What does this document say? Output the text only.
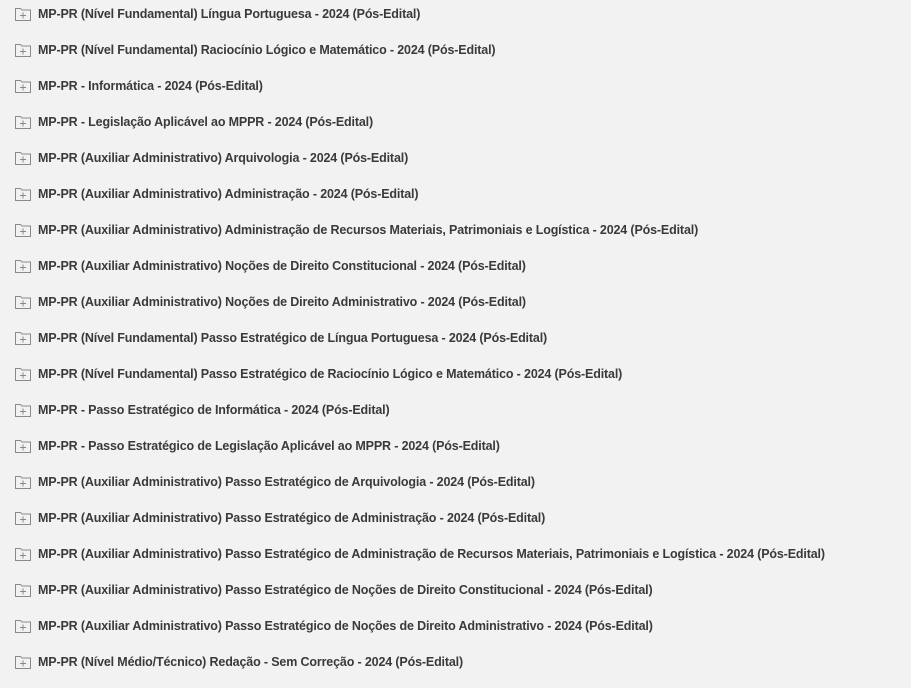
MP-PR (Nível Fundamental) Língua Portuguesa - 2024 (Pós-Edital)
MP-PR (Nível Fundamental) Raciocínio Lógico e Matemático - 2024 (Pós-Edital)
MP-PR - Informática - 2024 (Pós-Edital)
MP-PR - Legislação Aplicável ao MPPR - 2024 (Pós-Edital)
MP-PR (Auxiliar Administrativo) Arquivologia - 2024 (Pós-Edital)
MP-PR (Auxiliar Administrativo) Administração - 2024 (Pós-Edital)
MP-PR (Auxiliar Administrativo) Administração de Recursos Materiais, Patrimoniais e Logística - 2024 (Pós-Edital)
MP-PR (Auxiliar Administrativo) Noções de Direito Constitucional - 2024 (Pós-Edital)
MP-PR (Auxiliar Administrativo) Noções de Direito Administrativo - 2024 (Pós-Edital)
MP-PR (Nível Fundamental) Passo Estratégico de Língua Portuguesa - 2024 (Pós-Edital)
MP-PR (Nível Fundamental) Passo Estratégico de Raciocínio Lógico e Matemático - 2024 (Pós-Edital)
MP-PR - Passo Estratégico de Informática - 2024 (Pós-Edital)
MP-PR - Passo Estratégico de Legislação Aplicável ao MPPR - 2024 (Pós-Edital)
MP-PR (Auxiliar Administrativo) Passo Estratégico de Arquivologia - 2024 (Pós-Edital)
MP-PR (Auxiliar Administrativo) Passo Estratégico de Administração - 2024 (Pós-Edital)
MP-PR (Auxiliar Administrativo) Passo Estratégico de Administração de Recursos Materiais, Patrimoniais e Logística - 2024 (Pós-Edital)
MP-PR (Auxiliar Administrativo) Passo Estratégico de Noções de Direito Constitucional - 2024 (Pós-Edital)
MP-PR (Auxiliar Administrativo) Passo Estratégico de Noções de Direito Administrativo - 2024 (Pós-Edital)
MP-PR (Nível Médio/Técnico) Redação - Sem Correção - 2024 (Pós-Edital)
